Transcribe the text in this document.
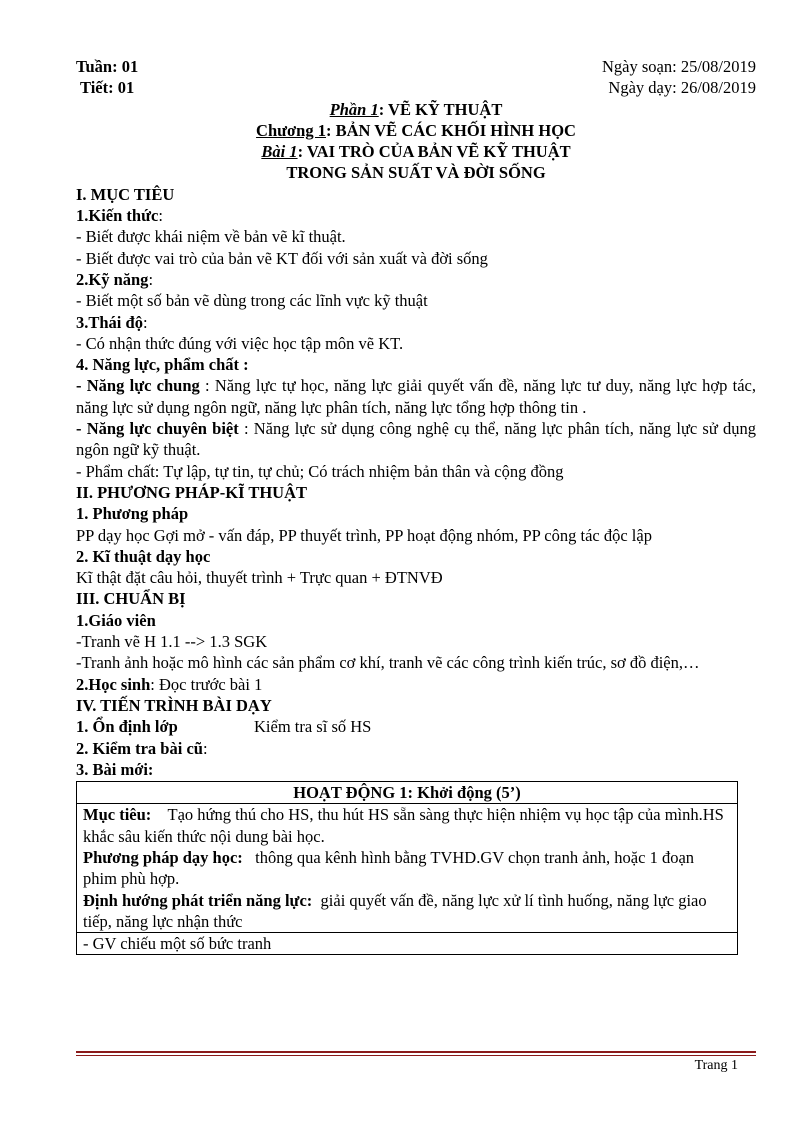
Tuần: 01	Ngày soạn: 25/08/2019
Tiết: 01	Ngày dạy: 26/08/2019
Phần 1: VẼ KỸ THUẬT
Chương 1: BẢN VẼ CÁC KHỐI HÌNH HỌC
Bài 1: VAI TRÒ CỦA BẢN VẼ KỸ THUẬT
TRONG SẢN SUẤT VÀ ĐỜI SỐNG
I. MỤC TIÊU
1.Kiến thức:
- Biết được khái niệm về bản vẽ kĩ thuật.
- Biết được vai trò của bản vẽ KT đối với sản xuất và đời sống
2.Kỹ năng:
- Biết một số bản vẽ dùng trong các lĩnh vực kỹ thuật
3.Thái độ:
- Có nhận thức đúng với việc học tập môn vẽ KT.
4. Năng lực, phẩm chất :
- Năng lực chung : Năng lực tự học, năng lực giải quyết vấn đề, năng lực tư duy, năng lực hợp tác, năng lực sử dụng ngôn ngữ, năng lực phân tích, năng lực tổng hợp thông tin .
- Năng lực chuyên biệt : Năng lực sử dụng công nghệ cụ thể, năng lực phân tích, năng lực sử dụng ngôn ngữ kỹ thuật.
- Phẩm chất: Tự lập, tự tin, tự chủ; Có trách nhiệm bản thân và cộng đồng
II. PHƯƠNG PHÁP-KĨ THUẬT
1. Phương pháp
PP dạy học Gợi mở - vấn đáp, PP thuyết trình, PP hoạt động nhóm, PP công tác độc lập
2. Kĩ thuật dạy học
Kĩ thật đặt câu hỏi, thuyết trình + Trực quan + ĐTNVĐ
III. CHUẨN BỊ
1.Giáo viên
-Tranh vẽ H 1.1 --> 1.3 SGK
-Tranh ảnh hoặc mô hình các sản phẩm cơ khí, tranh vẽ các công trình kiến trúc, sơ đồ điện,…
2.Học sinh: Đọc trước bài 1
IV. TIẾN TRÌNH BÀI DẠY
1. Ổn định lớp	Kiểm tra sĩ số HS
2. Kiểm tra bài cũ:
3. Bài mới:
HOẠT ĐỘNG 1: Khởi động (5’)
Mục tiêu: Tạo hứng thú cho HS, thu hút HS sẵn sàng thực hiện nhiệm vụ học tập của mình.HS khắc sâu kiến thức nội dung bài học.
Phương pháp dạy học: thông qua kênh hình bằng TVHD.GV chọn tranh ảnh, hoặc 1 đoạn phim phù hợp.
Định hướng phát triển năng lực: giải quyết vấn đề, năng lực xử lí tình huống, năng lực giao tiếp, năng lực nhận thức
- GV chiếu một số bức tranh
Trang 1
